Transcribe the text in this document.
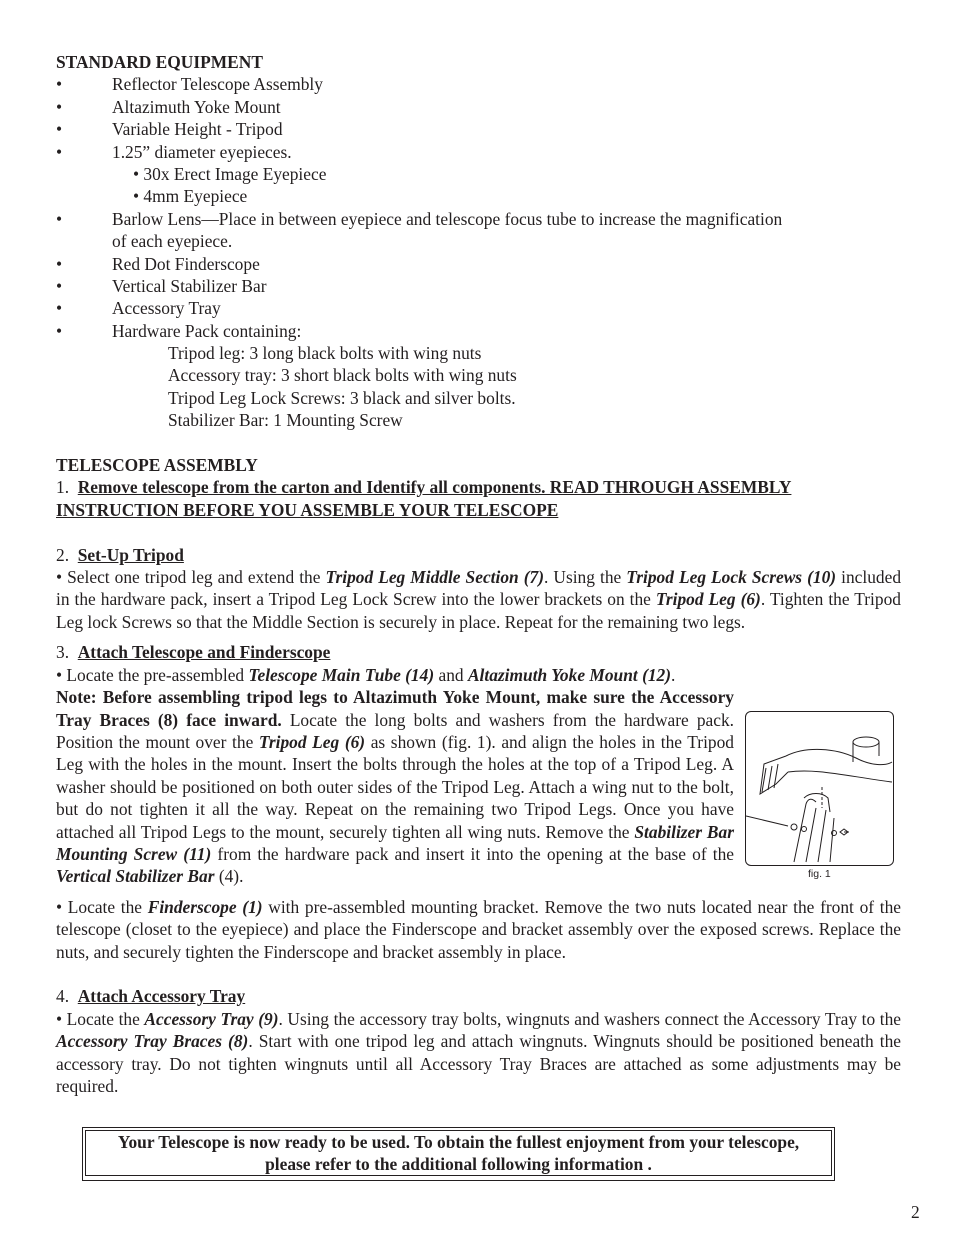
STANDARD EQUIPMENT
•	Reflector Telescope Assembly
•	Altazimuth Yoke Mount
•	Variable Height - Tripod
•	1.25” diameter eyepieces.
• 30x Erect Image Eyepiece
• 4mm Eyepiece
•	Barlow Lens—Place in between eyepiece and telescope focus tube to increase the magnification
of each eyepiece.
•	Red Dot Finderscope
•	Vertical Stabilizer Bar
•	Accessory Tray
•	Hardware Pack containing:
Tripod leg: 3 long black bolts with wing nuts
Accessory tray: 3 short black bolts with wing nuts
Tripod Leg Lock Screws: 3 black and silver bolts.
Stabilizer Bar: 1 Mounting Screw
TELESCOPE ASSEMBLY
1. Remove telescope from the carton and Identify all components. READ THROUGH ASSEMBLY
INSTRUCTION BEFORE YOU ASSEMBLE YOUR TELESCOPE
2. Set-Up Tripod

• Select one tripod leg and extend the Tripod Leg Middle Section (7). Using the Tripod Leg Lock Screws (10) included in the hardware pack, insert a Tripod Leg Lock Screw into the lower brackets on the Tripod Leg (6). Tighten the Tripod Leg lock Screws so that the Middle Section is securely in place. Repeat for the remaining two legs.

3. Attach Telescope and Finderscope

• Locate the pre-assembled Telescope Main Tube (14) and Altazimuth Yoke Mount (12).
Note: Before assembling tripod legs to Altazimuth Yoke Mount, make sure the Accessory Tray Braces (8) face inward. Locate the long bolts and washers from the hardware pack. Position the mount over the Tripod Leg (6) as shown (fig. 1). and align the holes in the Tripod Leg with the holes in the mount. Insert the bolts through the holes at the top of a Tripod Leg. A washer should be positioned on both outer sides of the Tripod Leg. Attach a wing nut to the bolt, but do not tighten it all the way. Repeat on the remaining two Tripod Legs. Once you have attached all Tripod Legs to the mount, securely tighten all wing nuts. Remove the Stabilizer Bar Mounting Screw (11) from the hardware pack and insert it into the opening at the base of the Vertical Stabilizer Bar (4).

• Locate the Finderscope (1) with pre-assembled mounting bracket. Remove the two nuts located near the front of the telescope (closet to the eyepiece) and place the Finderscope and bracket assembly over the exposed screws. Replace the nuts, and securely tighten the Finderscope and bracket assembly in place.

4. Attach Accessory Tray

• Locate the Accessory Tray (9). Using the accessory tray bolts, wingnuts and washers connect the Accessory Tray to the Accessory Tray Braces (8). Start with one tripod leg and attach wingnuts. Wingnuts should be positioned beneath the accessory tray. Do not tighten wingnuts until all Accessory Tray Braces are attached as some adjustments may be required.

fig. 1
Your Telescope is now ready to be used. To obtain the fullest enjoyment from your telescope,
please refer to the additional following information .
2
